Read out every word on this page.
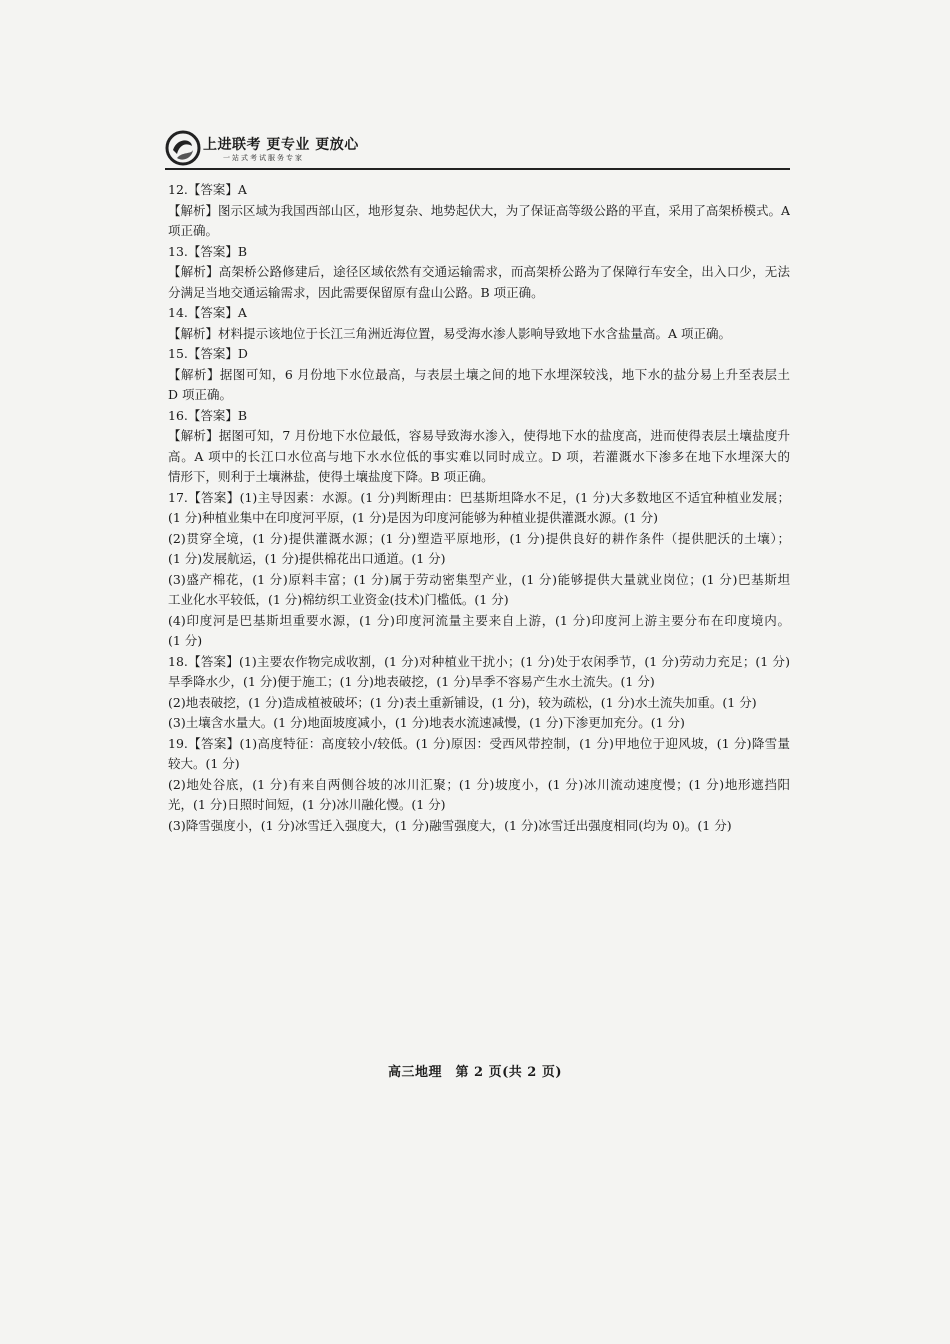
上进联考 更专业 更放心
一站式考试服务专家
12.【答案】A
【解析】图示区域为我国西部山区，地形复杂、地势起伏大，为了保证高等级公路的平直，采用了高架桥模式。A
项正确。
13.【答案】B
【解析】高架桥公路修建后，途径区域依然有交通运输需求，而高架桥公路为了保障行车安全，出入口少，无法
分满足当地交通运输需求，因此需要保留原有盘山公路。B 项正确。
14.【答案】A
【解析】材料提示该地位于长江三角洲近海位置，易受海水渗人影响导致地下水含盐量高。A 项正确。
15.【答案】D
【解析】据图可知，6 月份地下水位最高，与表层土壤之间的地下水埋深较浅，地下水的盐分易上升至表层土
D 项正确。
16.【答案】B
【解析】据图可知，7 月份地下水位最低，容易导致海水渗入，使得地下水的盐度高，进而使得表层土壤盐度升
高。A 项中的长江口水位高与地下水水位低的事实难以同时成立。D 项，若灌溉水下渗多在地下水埋深大的
情形下，则利于土壤淋盐，使得土壤盐度下降。B 项正确。
17.【答案】(1)主导因素：水源。(1 分)判断理由：巴基斯坦降水不足，(1 分)大多数地区不适宜种植业发展；
(1 分)种植业集中在印度河平原，(1 分)是因为印度河能够为种植业提供灌溉水源。(1 分)
(2)贯穿全境，(1 分)提供灌溉水源；(1 分)塑造平原地形，(1 分)提供良好的耕作条件（提供肥沃的土壤）；
(1 分)发展航运，(1 分)提供棉花出口通道。(1 分)
(3)盛产棉花，(1 分)原料丰富；(1 分)属于劳动密集型产业，(1 分)能够提供大量就业岗位；(1 分)巴基斯坦
工业化水平较低，(1 分)棉纺织工业资金(技术)门槛低。(1 分)
(4)印度河是巴基斯坦重要水源，(1 分)印度河流量主要来自上游，(1 分)印度河上游主要分布在印度境内。
(1 分)
18.【答案】(1)主要农作物完成收割，(1 分)对种植业干扰小；(1 分)处于农闲季节，(1 分)劳动力充足；(1 分)
旱季降水少，(1 分)便于施工；(1 分)地表破挖，(1 分)旱季不容易产生水土流失。(1 分)
(2)地表破挖，(1 分)造成植被破坏；(1 分)表土重新铺设，(1 分)，较为疏松，(1 分)水土流失加重。(1 分)
(3)土壤含水量大。(1 分)地面坡度减小，(1 分)地表水流速减慢，(1 分)下渗更加充分。(1 分)
19.【答案】(1)高度特征：高度较小/较低。(1 分)原因：受西风带控制，(1 分)甲地位于迎风坡，(1 分)降雪量
较大。(1 分)
(2)地处谷底，(1 分)有来自两侧谷坡的冰川汇聚；(1 分)坡度小，(1 分)冰川流动速度慢；(1 分)地形遮挡阳
光，(1 分)日照时间短，(1 分)冰川融化慢。(1 分)
(3)降雪强度小，(1 分)冰雪迁入强度大，(1 分)融雪强度大，(1 分)冰雪迁出强度相同(均为 0)。(1 分)
高三地理　第 2 页(共 2 页)
